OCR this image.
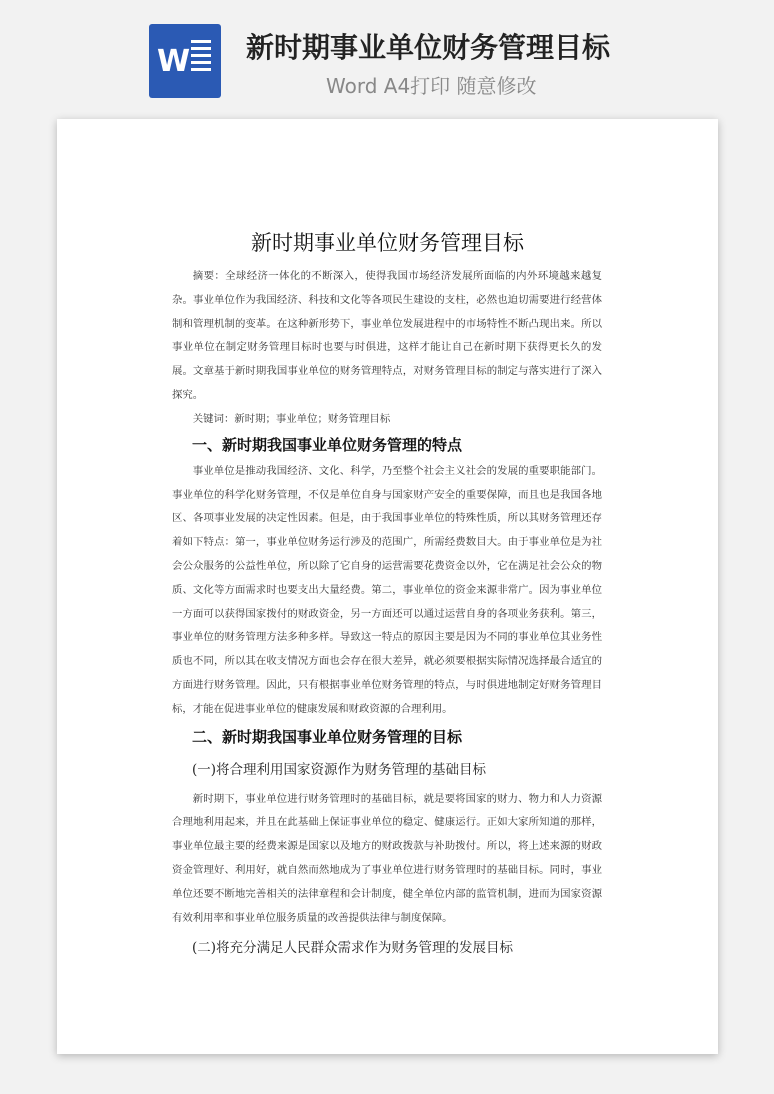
W 新时期事业单位财务管理目标
Word A4打印 随意修改
新时期事业单位财务管理目标

摘要：全球经济一体化的不断深入，使得我国市场经济发展所面临的内外环境越来越复杂。事业单位作为我国经济、科技和文化等各项民生建设的支柱，必然也迫切需要进行经营体制和管理机制的变革。在这种新形势下，事业单位发展进程中的市场特性不断凸现出来。所以事业单位在制定财务管理目标时也要与时俱进，这样才能让自己在新时期下获得更长久的发展。文章基于新时期我国事业单位的财务管理特点，对财务管理目标的制定与落实进行了深入探究。

关键词：新时期；事业单位；财务管理目标

一、新时期我国事业单位财务管理的特点

事业单位是推动我国经济、文化、科学，乃至整个社会主义社会的发展的重要职能部门。事业单位的科学化财务管理，不仅是单位自身与国家财产安全的重要保障，而且也是我国各地区、各项事业发展的决定性因素。但是，由于我国事业单位的特殊性质，所以其财务管理还存着如下特点：第一，事业单位财务运行涉及的范围广，所需经费数目大。由于事业单位是为社会公众服务的公益性单位，所以除了它自身的运营需要花费资金以外，它在满足社会公众的物质、文化等方面需求时也要支出大量经费。第二，事业单位的资金来源非常广。因为事业单位一方面可以获得国家拨付的财政资金，另一方面还可以通过运营自身的各项业务获利。第三，事业单位的财务管理方法多种多样。导致这一特点的原因主要是因为不同的事业单位其业务性质也不同，所以其在收支情况方面也会存在很大差异，就必须要根据实际情况选择最合适宜的方面进行财务管理。因此，只有根据事业单位财务管理的特点，与时俱进地制定好财务管理目标，才能在促进事业单位的健康发展和财政资源的合理利用。

二、新时期我国事业单位财务管理的目标
(一)将合理利用国家资源作为财务管理的基础目标

新时期下，事业单位进行财务管理时的基础目标，就是要将国家的财力、物力和人力资源合理地利用起来，并且在此基础上保证事业单位的稳定、健康运行。正如大家所知道的那样，事业单位最主要的经费来源是国家以及地方的财政拨款与补助拨付。所以，将上述来源的财政资金管理好、利用好，就自然而然地成为了事业单位进行财务管理时的基础目标。同时，事业单位还要不断地完善相关的法律章程和会计制度，健全单位内部的监管机制，进而为国家资源有效利用率和事业单位服务质量的改善提供法律与制度保障。

(二)将充分满足人民群众需求作为财务管理的发展目标
